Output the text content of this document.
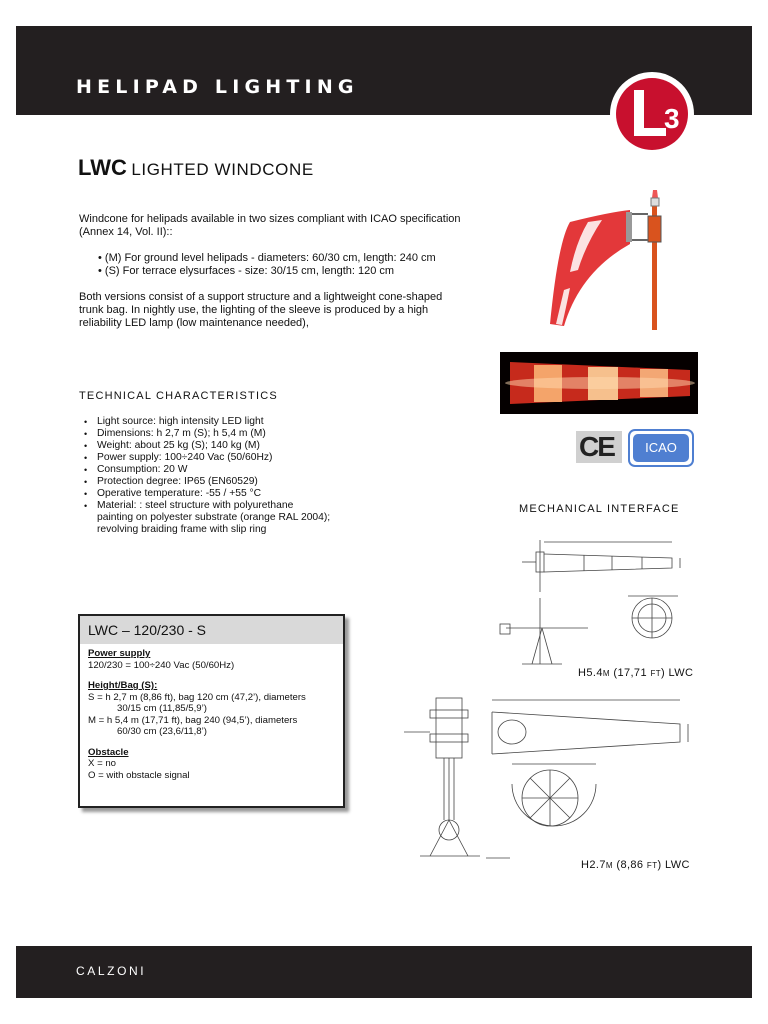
HELIPAD LIGHTING
3
LWC LIGHTED WINDCONE
Windcone for helipads available in two sizes compliant with ICAO specification
(Annex 14, Vol. II)::
• (M) For ground level helipads - diameters: 60/30 cm, length: 240 cm
• (S) For terrace elysurfaces - size: 30/15 cm, length: 120 cm
Both versions consist of a support structure and a lightweight cone-shaped
trunk bag. In nightly use, the lighting of the sleeve is produced by a high
reliability LED lamp (low maintenance needed),
TECHNICAL CHARACTERISTICS
• Light source: high intensity LED light
• Dimensions: h 2,7 m (S); h 5,4 m (M)
• Weight: about 25 kg (S); 140 kg (M)
• Power supply: 100÷240 Vac (50/60Hz)
• Consumption: 20 W
• Protection degree: IP65 (EN60529)
• Operative temperature: -55 / +55 °C
• Material: : steel structure with polyurethane
painting on polyester substrate (orange RAL 2004);
revolving braiding frame with slip ring
CE	ICAO
MECHANICAL INTERFACE
H5.4M (17,71 FT) LWC
H2.7M (8,86 FT) LWC
LWC – 120/230 - S
Power supply
120/230 = 100÷240 Vac (50/60Hz)
Height/Bag (S):
S = h 2,7 m (8,86 ft), bag 120 cm (47,2’), diameters
30/15 cm (11,85/5,9’)
M = h 5,4 m (17,71 ft), bag 240 (94,5’), diameters
60/30 cm (23,6/11,8’)
Obstacle
X = no
O = with obstacle signal
CALZONI
